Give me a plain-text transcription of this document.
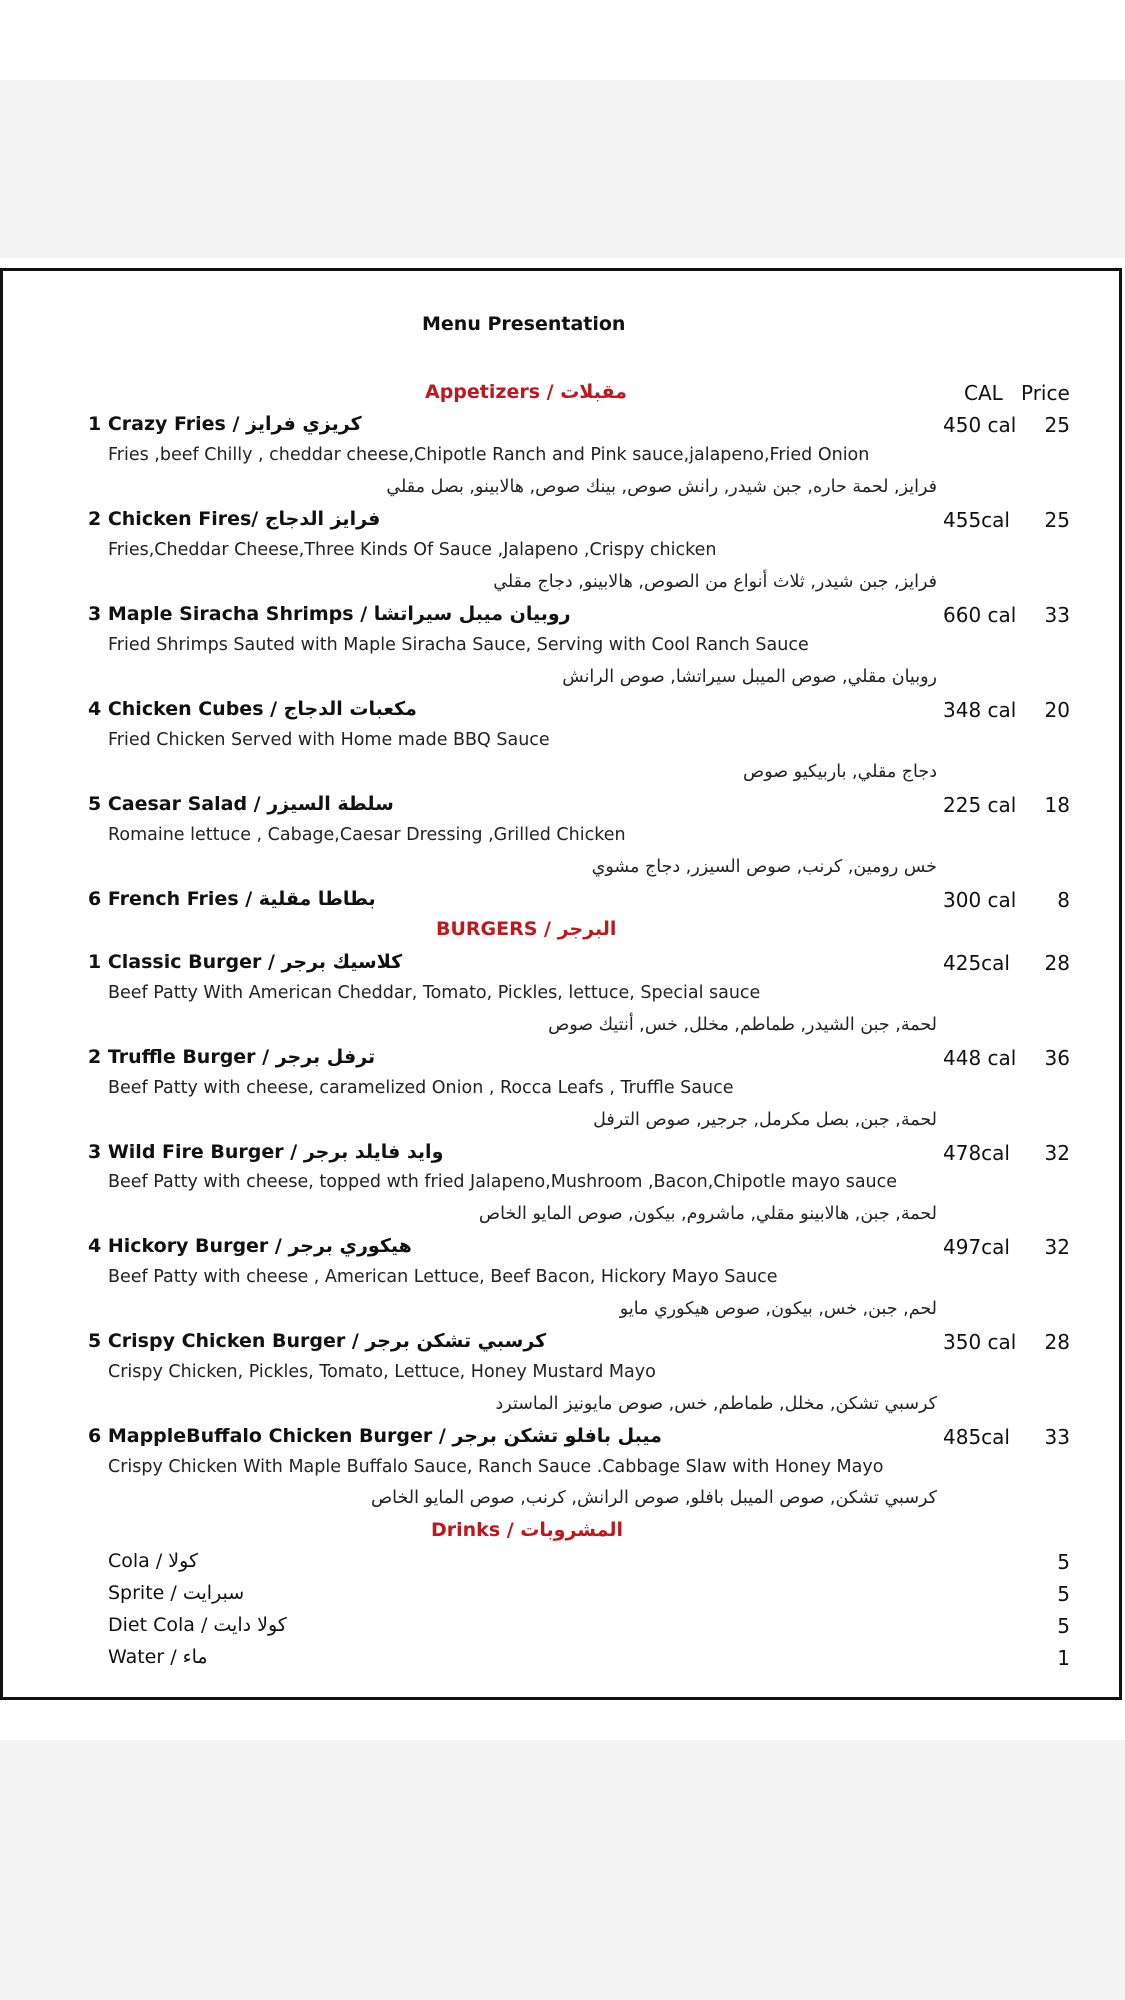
Menu Presentation
CAL Price
Appetizers / مقبلات
1 Crazy Fries / كريزي فرايز	450 cal 25
Fries ,beef Chilly , cheddar cheese,Chipotle Ranch and Pink sauce,jalapeno,Fried Onion
فرايز, لحمة حاره, جبن شيدر, رانش صوص, بينك صوص, هالابينو, بصل مقلي
2 Chicken Fires/ فرايز الدجاج	455cal 25
Fries,Cheddar Cheese,Three Kinds Of Sauce ,Jalapeno ,Crispy chicken
فرايز, جبن شيدر, ثلاث أنواع من الصوص, هالابينو, دجاج مقلي
3 Maple Siracha Shrimps / روبيان ميبل سيراتشا	660 cal 33
Fried Shrimps Sauted with Maple Siracha Sauce, Serving with Cool Ranch Sauce
روبيان مقلي, صوص الميبل سيراتشا, صوص الرانش
4 Chicken Cubes / مكعبات الدجاج	348 cal 20
Fried Chicken Served with Home made BBQ Sauce
دجاج مقلي, باربيكيو صوص
5 Caesar Salad / سلطة السيزر	225 cal 18
Romaine lettuce , Cabage,Caesar Dressing ,Grilled Chicken
خس رومين, كرنب, صوص السيزر, دجاج مشوي
6 French Fries / بطاطا مقلية	300 cal 8
BURGERS / البرجر
1 Classic Burger / كلاسيك برجر	425cal 28
Beef Patty With American Cheddar, Tomato, Pickles, lettuce, Special sauce
لحمة, جبن الشيدر, طماطم, مخلل, خس, أنتيك صوص
2 Truffle Burger / ترفل برجر	448 cal 36
Beef Patty with cheese, caramelized Onion , Rocca Leafs , Truffle Sauce
لحمة, جبن, بصل مكرمل, جرجير, صوص الترفل
3 Wild Fire Burger / وايد فايلد برجر	478cal 32
Beef Patty with cheese, topped wth fried Jalapeno,Mushroom ,Bacon,Chipotle mayo sauce
لحمة, جبن, هالابينو مقلي, ماشروم, بيكون, صوص المايو الخاص
4 Hickory Burger / هيكوري برجر	497cal 32
Beef Patty with cheese , American Lettuce, Beef Bacon, Hickory Mayo Sauce
لحم, جبن, خس, بيكون, صوص هيكوري مايو
5 Crispy Chicken Burger / كرسبي تشكن برجر	350 cal 28
Crispy Chicken, Pickles, Tomato, Lettuce, Honey Mustard Mayo
كرسبي تشكن, مخلل, طماطم, خس, صوص مايونيز الماسترد
6 MappleBuffalo Chicken Burger / ميبل بافلو تشكن برجر	485cal 33
Crispy Chicken With Maple Buffalo Sauce, Ranch Sauce .Cabbage Slaw with Honey Mayo
كرسبي تشكن, صوص الميبل بافلو, صوص الرانش, كرنب, صوص المايو الخاص
Drinks / المشروبات
Cola / كولا	5
Sprite / سبرايت	5
Diet Cola / كولا دايت	5
Water / ماء	1
